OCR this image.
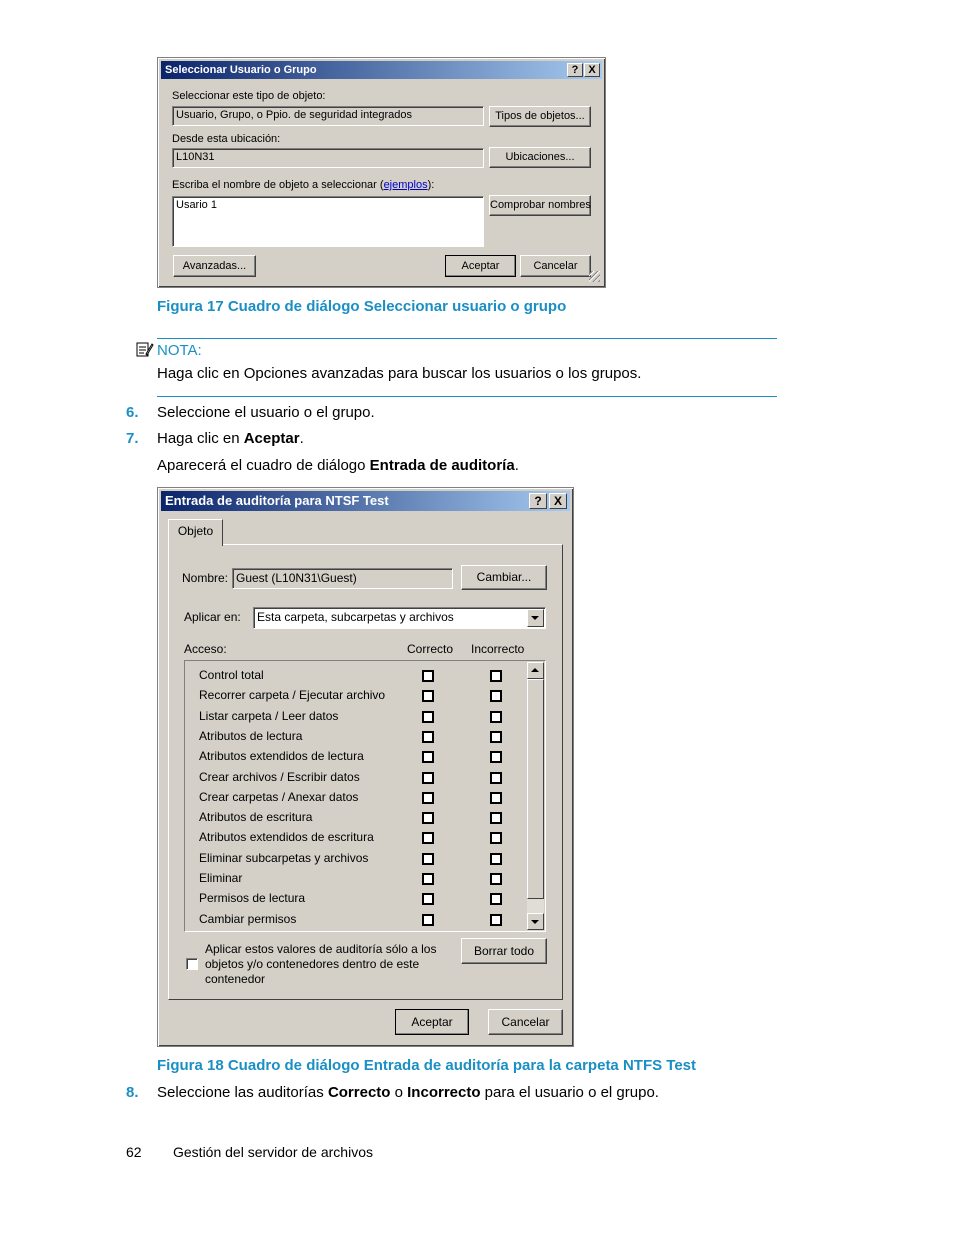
Seleccionar Usuario o Grupo	? X
Seleccionar este tipo de objeto:
Usuario, Grupo, o Ppio. de seguridad integrados	Tipos de objetos...
Desde esta ubicación:
L10N31	Ubicaciones...
Escriba el nombre de objeto a seleccionar (ejemplos):
Usario 1	Comprobar nombres
Avanzadas...	Aceptar	Cancelar
Figura 17 Cuadro de diálogo Seleccionar usuario o grupo
NOTA:
Haga clic en Opciones avanzadas para buscar los usuarios o los grupos.
6. Seleccione el usuario o el grupo.
7. Haga clic en Aceptar.
Aparecerá el cuadro de diálogo Entrada de auditoría.
Entrada de auditoría para NTSF Test	?	X
Objeto
Nombre: Guest (L10N31\Guest)	Cambiar...
Aplicar en:	Esta carpeta, subcarpetas y archivos
Acceso:	Correcto Incorrecto
Control total
Recorrer carpeta / Ejecutar archivo
Listar carpeta / Leer datos
Atributos de lectura
Atributos extendidos de lectura
Crear archivos / Escribir datos
Crear carpetas / Anexar datos
Atributos de escritura
Atributos extendidos de escritura
Eliminar subcarpetas y archivos
Eliminar
Permisos de lectura
Cambiar permisos
Aplicar estos valores de auditoría sólo a los
objetos y/o contenedores dentro de este
contenedor
Borrar todo
Aceptar	Cancelar
Figura 18 Cuadro de diálogo Entrada de auditoría para la carpeta NTFS Test
8. Seleccione las auditorías Correcto o Incorrecto para el usuario o el grupo.
62 Gestión del servidor de archivos
